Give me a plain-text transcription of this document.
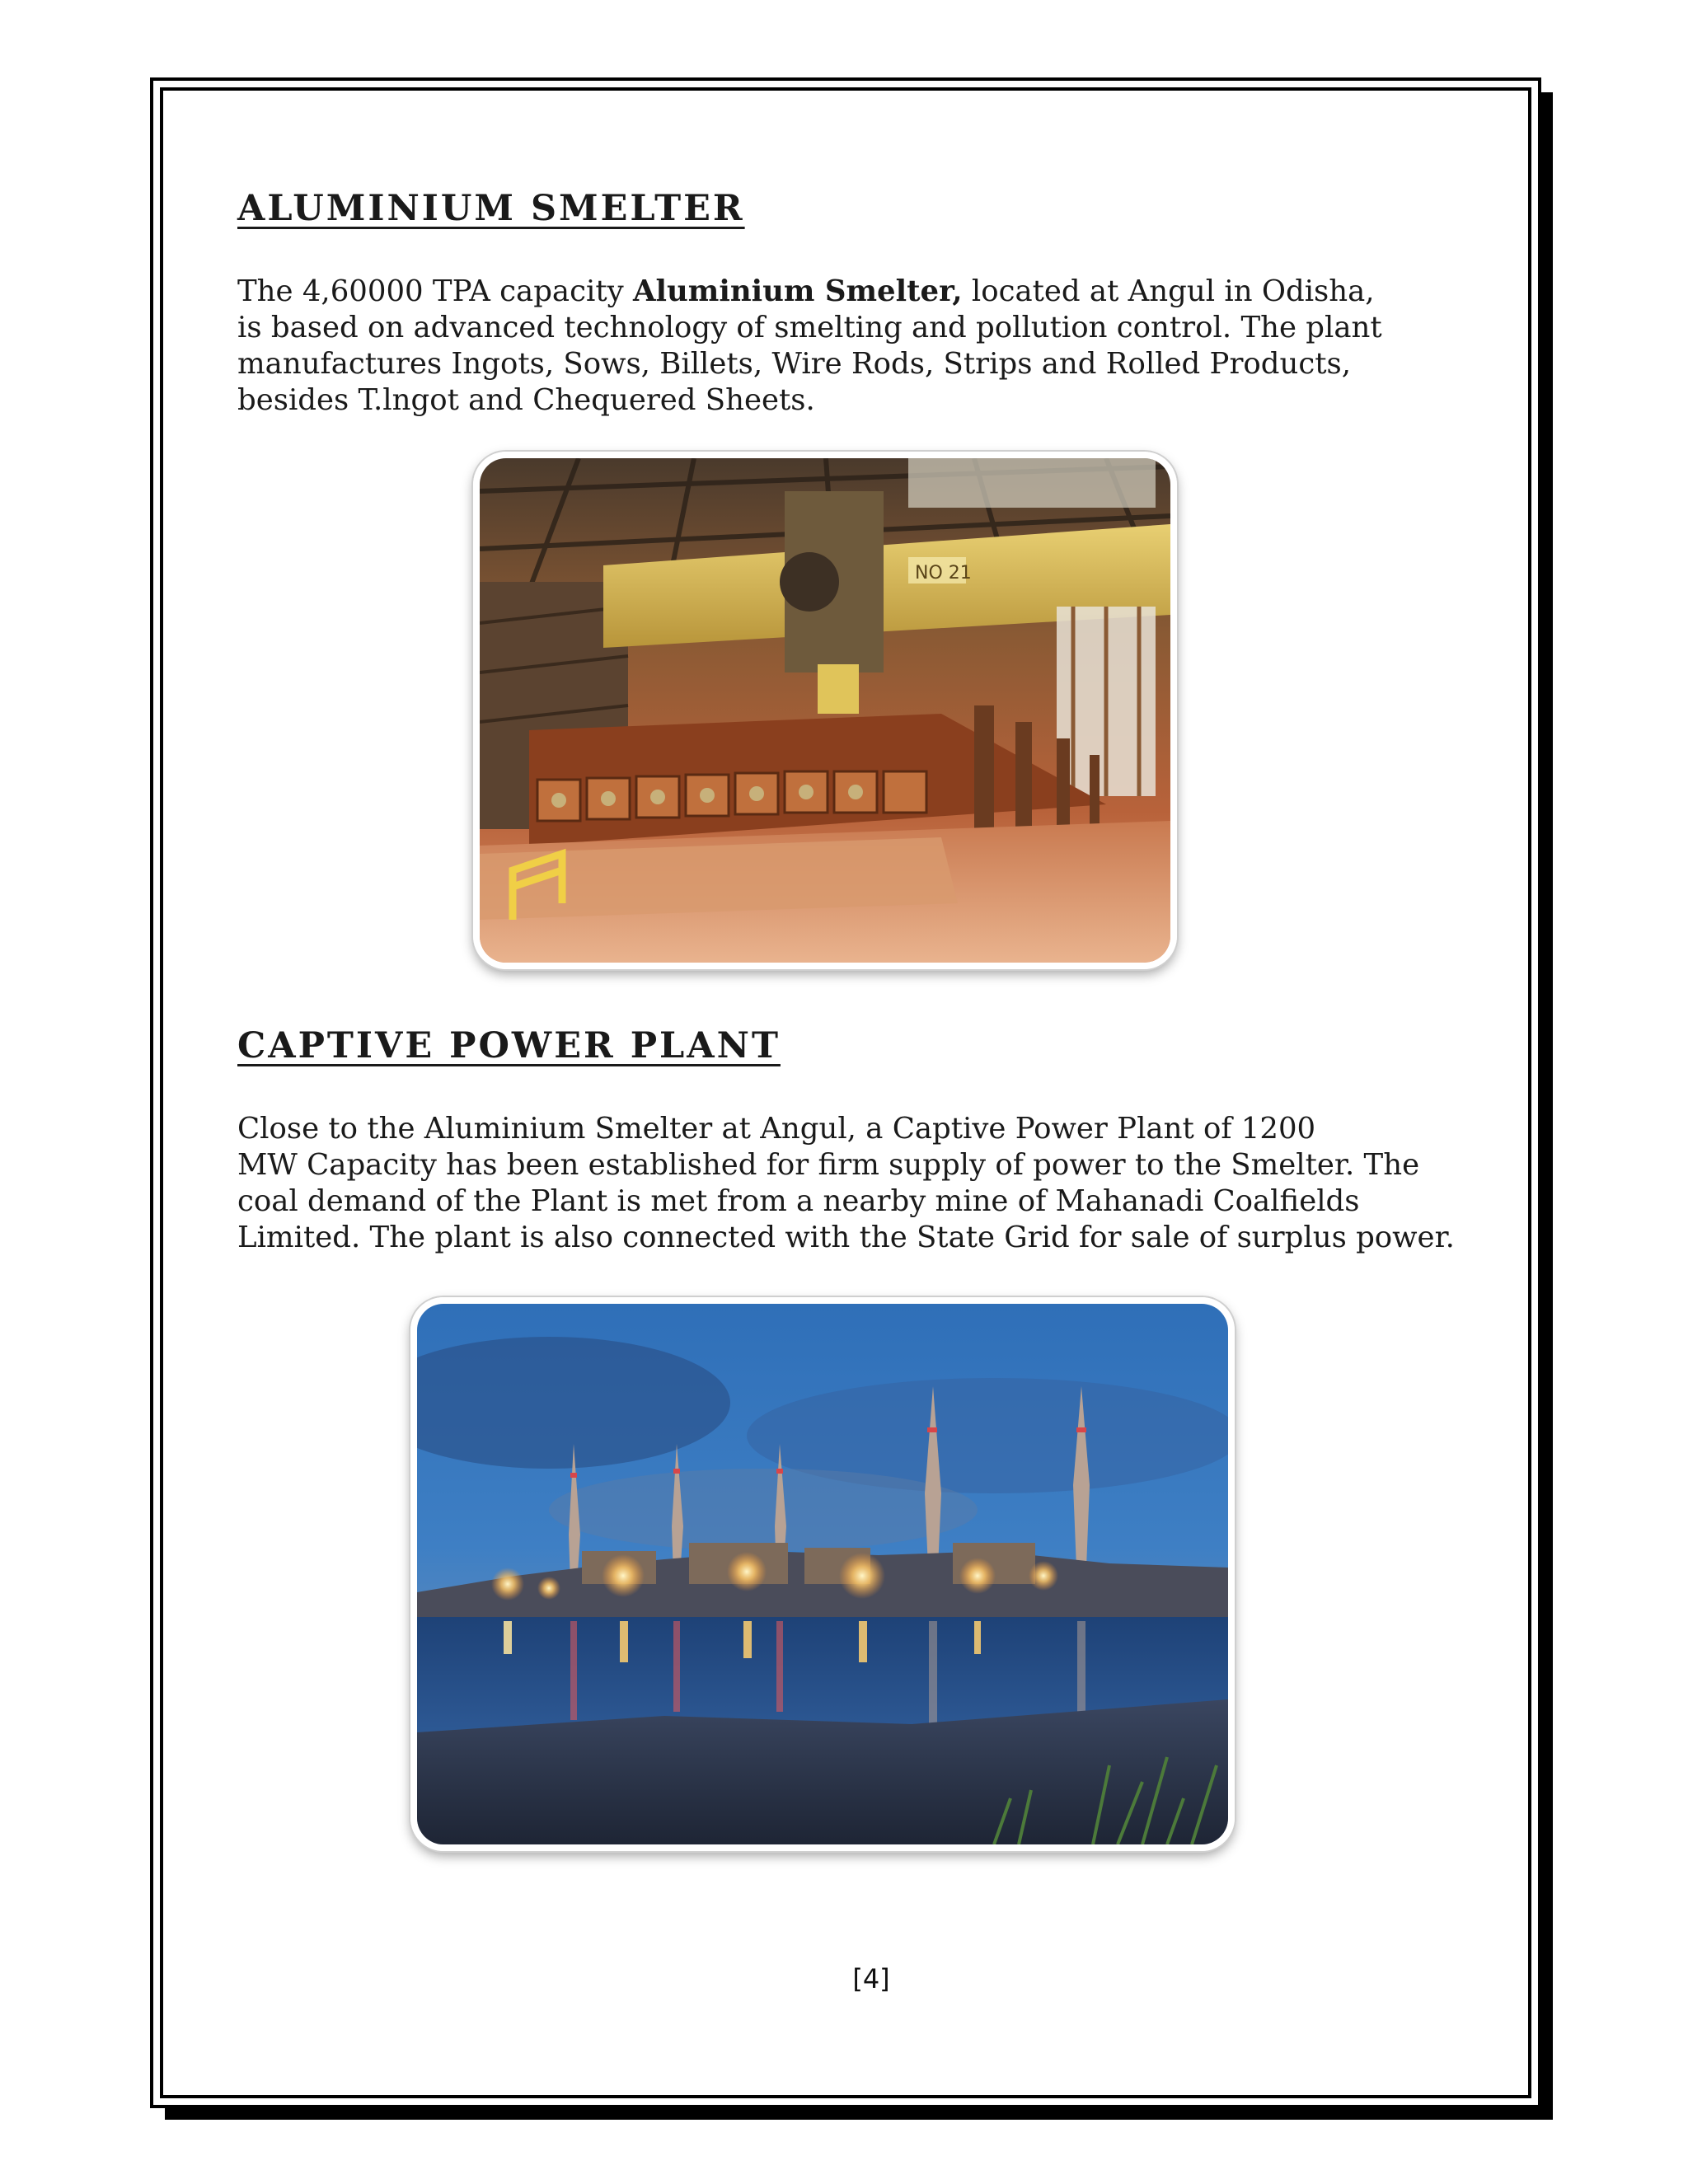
ALUMINIUM SMELTER

The 4,60000 TPA capacity Aluminium Smelter, located at Angul in Odisha,
is based on advanced technology of smelting and pollution control. The plant
manufactures Ingots, Sows, Billets, Wire Rods, Strips and Rolled Products,
besides T.lngot and Chequered Sheets.

NO 21
CAPTIVE POWER PLANT

Close to the Aluminium Smelter at Angul, a Captive Power Plant of 1200
MW Capacity has been established for firm supply of power to the Smelter. The
coal demand of the Plant is met from a nearby mine of Mahanadi Coalfields
Limited. The plant is also connected with the State Grid for sale of surplus power.

[4]
